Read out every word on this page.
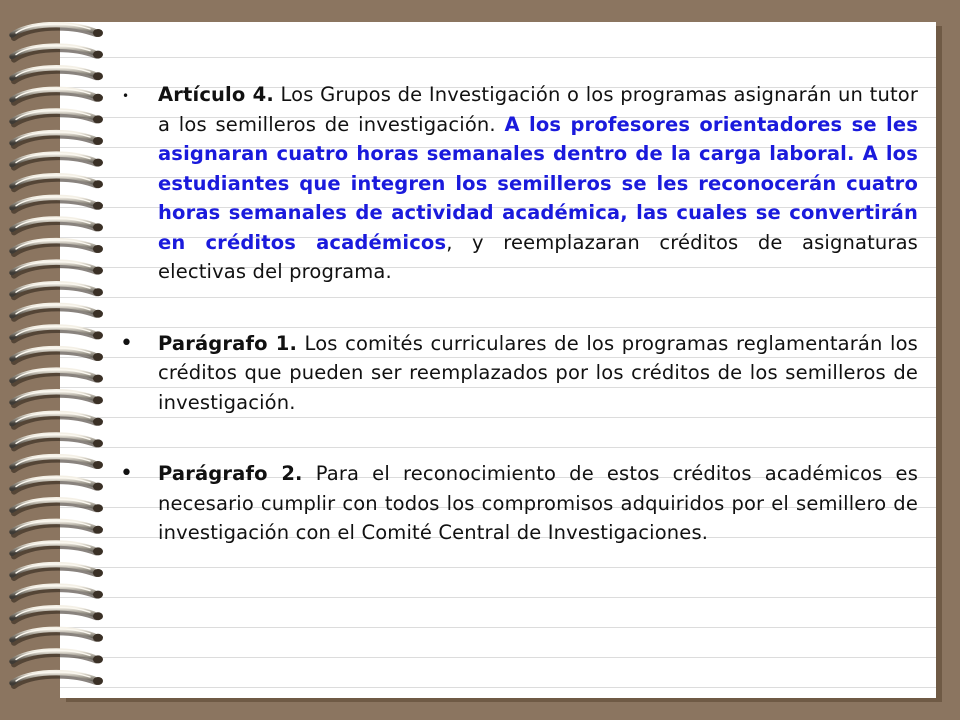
• Artículo 4. Los Grupos de Investigación o los programas asignarán un tutor a los semilleros de investigación. A los profesores orientadores se les asignaran cuatro horas semanales dentro de la carga laboral. A los estudiantes que integren los semilleros se les reconocerán cuatro horas semanales de actividad académica, las cuales se convertirán en créditos académicos, y reemplazaran créditos de asignaturas electivas del programa.
• Parágrafo 1. Los comités curriculares de los programas reglamentarán los créditos que pueden ser reemplazados por los créditos de los semilleros de investigación.
• Parágrafo 2. Para el reconocimiento de estos créditos académicos es necesario cumplir con todos los compromisos adquiridos por el semillero de investigación con el Comité Central de Investigaciones.
